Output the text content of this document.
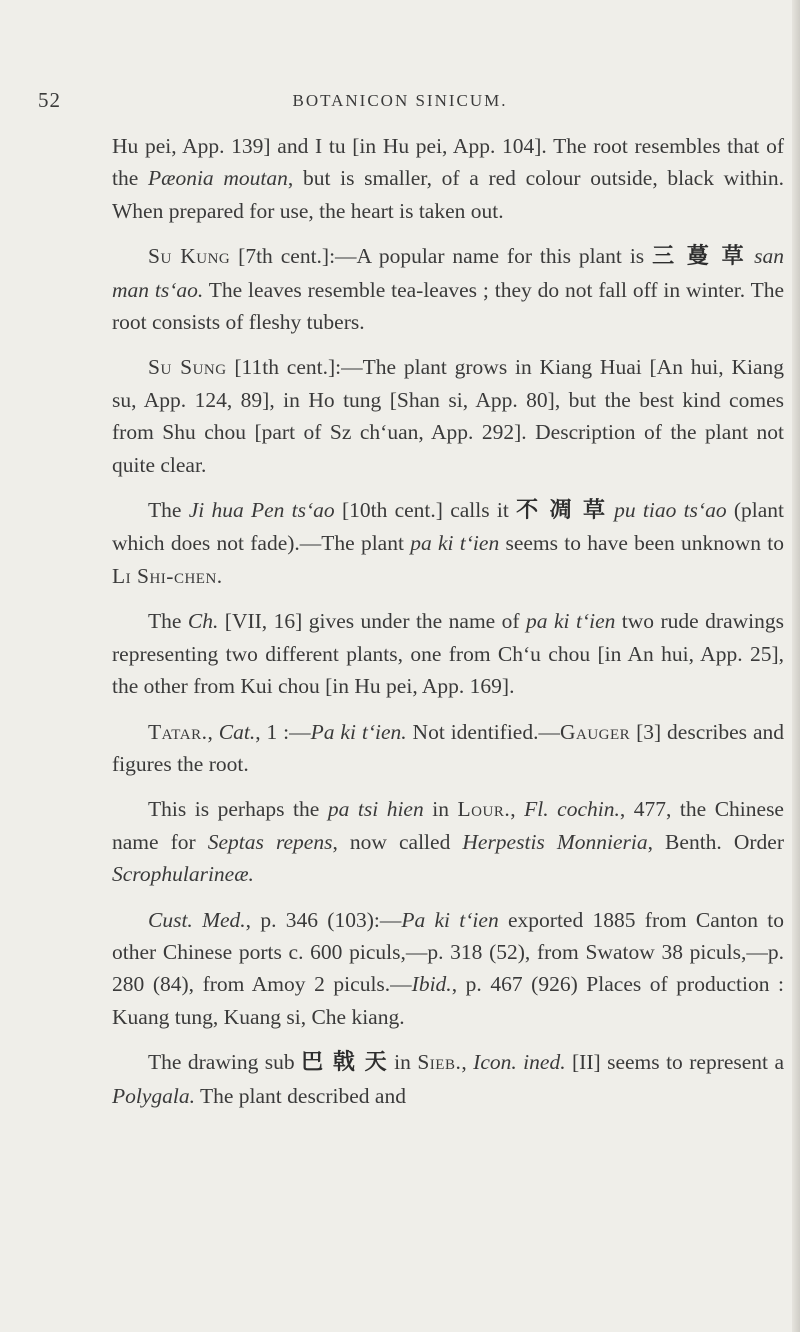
52	BOTANICON SINICUM.

Hu pei, App. 139] and I tu [in Hu pei, App. 104]. The root resembles that of the Pæonia moutan, but is smaller, of a red colour outside, black within. When prepared for use, the heart is taken out.

Su Kung [7th cent.]:—A popular name for this plant is 三 蔓 草 san man ts‘ao. The leaves resemble tea-leaves ; they do not fall off in winter. The root consists of fleshy tubers.

Su Sung [11th cent.]:—The plant grows in Kiang Huai [An hui, Kiang su, App. 124, 89], in Ho tung [Shan si, App. 80], but the best kind comes from Shu chou [part of Sz ch‘uan, App. 292]. Description of the plant not quite clear.

The Ji hua Pen ts‘ao [10th cent.] calls it 不 凋 草 pu tiao ts‘ao (plant which does not fade).—The plant pa ki t‘ien seems to have been unknown to Li Shi-chen.

The Ch. [VII, 16] gives under the name of pa ki t‘ien two rude drawings representing two different plants, one from Ch‘u chou [in An hui, App. 25], the other from Kui chou [in Hu pei, App. 169].

Tatar., Cat., 1 :—Pa ki t‘ien. Not identified.—Gauger [3] describes and figures the root.

This is perhaps the pa tsi hien in Lour., Fl. cochin., 477, the Chinese name for Septas repens, now called Herpestis Monnieria, Benth. Order Scrophularineæ.

Cust. Med., p. 346 (103):—Pa ki t‘ien exported 1885 from Canton to other Chinese ports c. 600 piculs,—p. 318 (52), from Swatow 38 piculs,—p. 280 (84), from Amoy 2 piculs.—Ibid., p. 467 (926) Places of production : Kuang tung, Kuang si, Che kiang.

The drawing sub 巴 戟 天 in Sieb., Icon. ined. [II] seems to represent a Polygala. The plant described and
